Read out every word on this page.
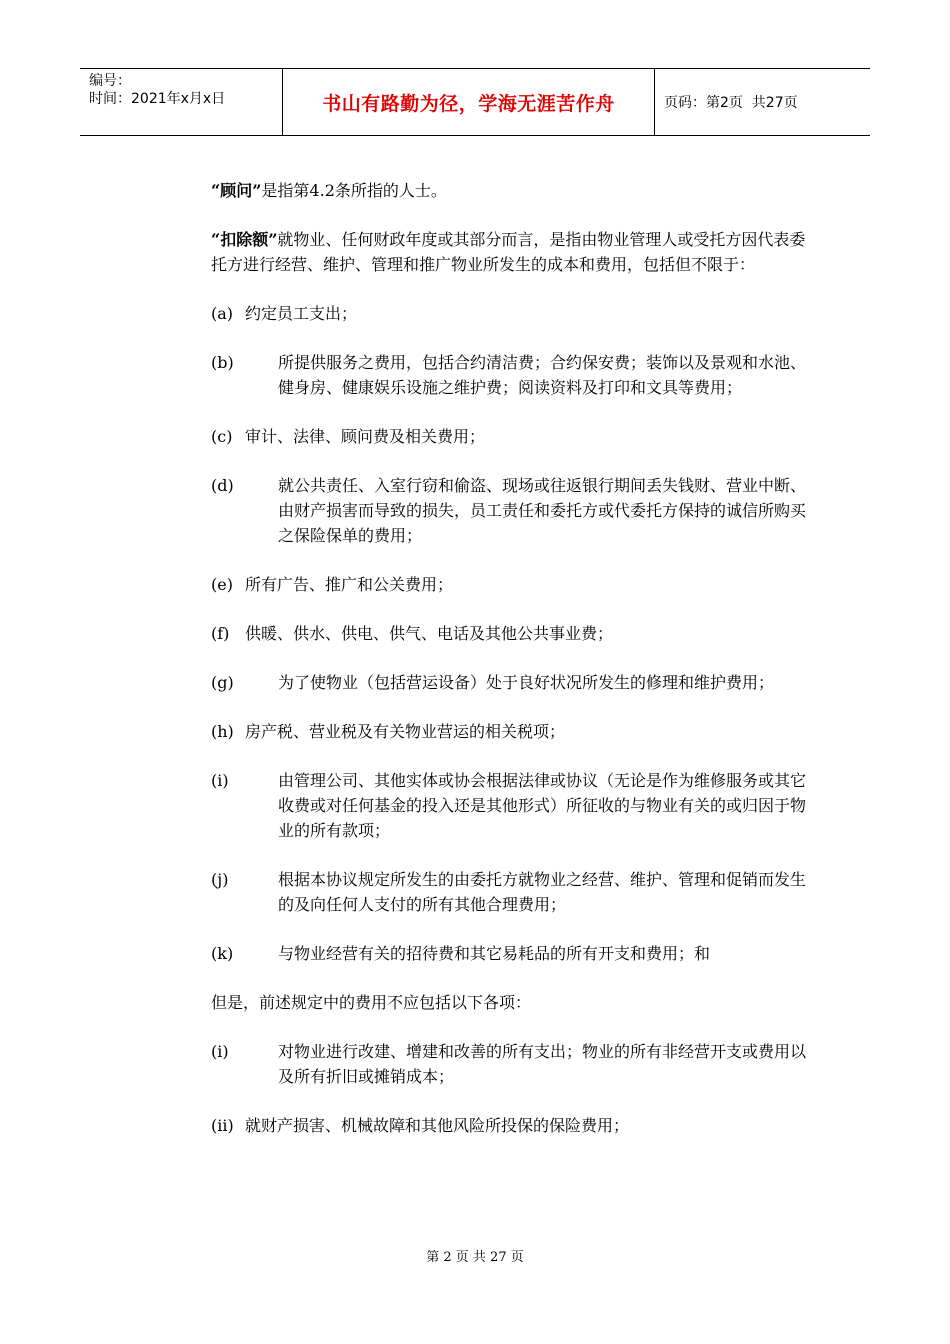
编号：
时间：2021年x月x日	书山有路勤为径，学海无涯苦作舟	页码：第2页  共27页

“顾问”是指第4.2条所指的人士。

“扣除额”就物业、任何财政年度或其部分而言，是指由物业管理人或受托方因代表委托方进行经营、维护、管理和推广物业所发生的成本和费用，包括但不限于：

(a) 约定员工支出；
(b)	所提供服务之费用，包括合约清洁费；合约保安费；装饰以及景观和水池、健身房、健康娱乐设施之维护费；阅读资料及打印和文具等费用；
(c) 审计、法律、顾问费及相关费用；
(d)	就公共责任、入室行窃和偷盗、现场或往返银行期间丢失钱财、营业中断、由财产损害而导致的损失，员工责任和委托方或代委托方保持的诚信所购买之保险保单的费用；
(e) 所有广告、推广和公关费用；
(f) 供暖、供水、供电、供气、电话及其他公共事业费；
(g)	为了使物业（包括营运设备）处于良好状况所发生的修理和维护费用；
(h) 房产税、营业税及有关物业营运的相关税项；
(i)	由管理公司、其他实体或协会根据法律或协议（无论是作为维修服务或其它收费或对任何基金的投入还是其他形式）所征收的与物业有关的或归因于物业的所有款项；
(j)	根据本协议规定所发生的由委托方就物业之经营、维护、管理和促销而发生的及向任何人支付的所有其他合理费用；
(k)	与物业经营有关的招待费和其它易耗品的所有开支和费用；和

但是，前述规定中的费用不应包括以下各项：

(i)	对物业进行改建、增建和改善的所有支出；物业的所有非经营开支或费用以及所有折旧或摊销成本；
(ii) 就财产损害、机械故障和其他风险所投保的保险费用；
第 2 页 共 27 页
